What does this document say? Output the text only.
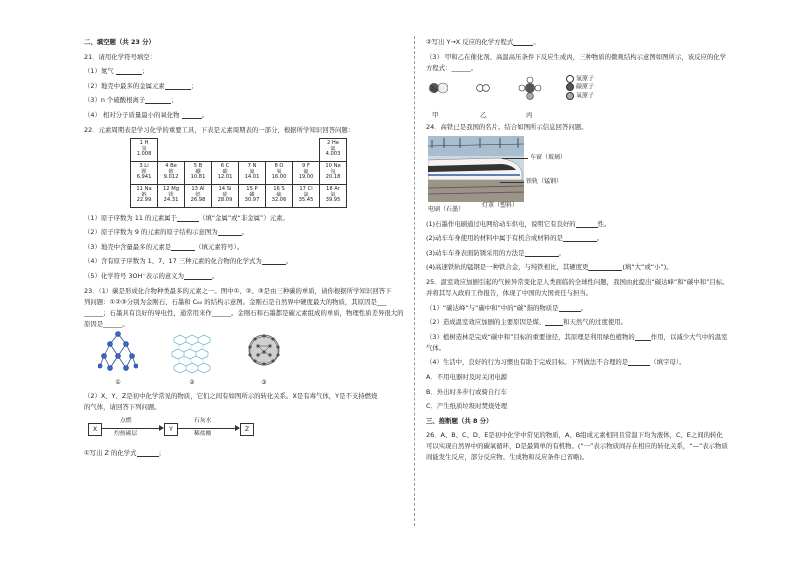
二、填空题（共 23 分）
21．请用化学符号填空：
（1）氮气	；
（2）地壳中最多的金属元素	；
（3）n 个硫酸根离子	；
（4） 相对分子质量最小的氧化物	。
22．元素周期表是学习化学的重要工具，下表是元素周期表的一部分，根据所学知识回答问题：
1 H
氢
1.008							2 He
氦
4.003

3 Li
锂
6.941	4 Be
铍
9.012	5 B
硼
10.81	6 C
碳
12.01	7 N
氮
14.01	8 O
氧
16.00	9 F
氟
19.00	10 Ne
氖
20.18

11 Na
钠
22.99	12 Mg
镁
24.31	13 Al
铝
26.98	14 Si
硅
28.09	15 P
磷
30.97	16 S
硫
32.06	17 Cl
氯
35.45	18 Ar
氩
39.95
（1）原子序数为 11 的元素属于	（填“金属”或“非金属”）元素。
（2）原子序数为 9 的元素的原子结构示意图为	。
（3）地壳中含量最多的元素是	（填元素符号）。
（4）含有原子序数为 1、7、17 三种元素的化合物的化学式为	。
（5）化学符号 3OH⁻表示的意义为	。
23．（1）碳是形成化合物种类最多的元素之一。图中①、②、③是由三种碳的单质，请你根据所学知识回答下
列问题：①②③分别为金刚石、石墨和 C₆₀ 的结构示意图。金刚石是自然界中硬度最大的物质，其原因是___
______；石墨具有良好的导电性，通常用来作______。金刚石和石墨都是碳元素组成的单质，物理性质差异很大的
原因是______。
①	②	③
（2）X、Y、Z是初中化学常见的物质，它们之间有如图所示的转化关系。X是有毒气体，Y是不支持燃烧
的气体，请回答下列问题。
X
点燃
灼热碳层
Y
石灰水
稀盐酸
Z
①写出 Z 的化学式	；
②写出 Y→X 反应的化学方程式	。
（3） 甲和乙在催化剂、高温高压条件下反应生成丙，三种物质的微观结构示意图如图所示，该反应的化学
方程式：______。
氢原子
碳原子
氧原子
甲	乙	丙
24．高铁已是我国的名片。结合如图所示信息回答问题。
车窗（玻璃）
铁轨（锰钢）
电刷（石墨）
灯罩（塑料）
(1)石墨作电刷通过电网给动车供电，说明它有良好的	性。
(2)动车车身使用的材料中属于有机合成材料的是	。
(3)动车车身表面防锈采用的方法是	。
(4)高速铁轨的锰钢是一种铁合金，与纯铁相比，其硬度更	(填“大”或“小”)。
25．温室效应加剧引起的气候异常变化是人类面临的全球性问题，我国由此提出“碳达峰”和“碳中和”目标。
并将其写入政府工作报告，体现了中国的大国责任与担当。
（1）“碳达峰”与“碳中和”中的“碳”指的物质是	。
（2）造成温室效应加剧的主要原因是煤、	和天然气的过度使用。
（3）植树造林是完成“碳中和”目标的重要途径，其原理是利用绿色植物的	作用，以减少大气中的温室
气体。
（4）生活中，良好的行为习惯也有助于完成目标。下列做法不合理的是	（填字母）。
A．不用电器时及时关闭电源
B．外出时多步行或骑自行车
C．产生纸质垃圾时焚烧处理
三、推断题（共 8 分）
26．A、B、C、D、E是初中化学中常见的物质，A、B组成元素相同且常温下均为液体，C、E之间的转化
可以实现自然界中的碳氧循环，D是最简单的有机物。(“一”表示物质间存在相应的转化关系，“—”表示物质
间能发生反应，部分反应物、生成物和反应条件已省略)。
